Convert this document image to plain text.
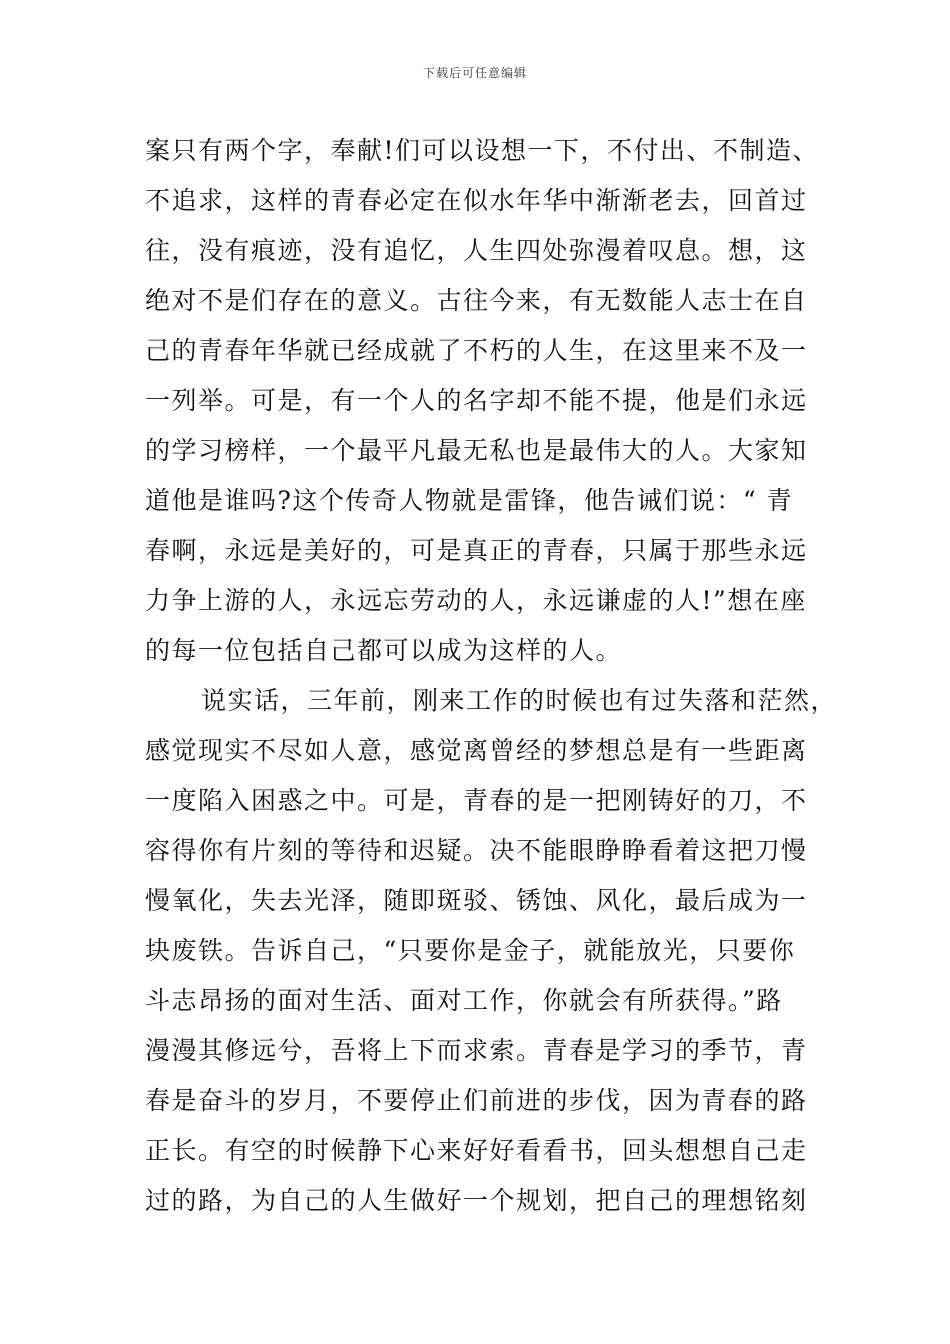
下载后可任意编辑
案只有两个字，奉献!们可以设想一下，不付出、不制造、
不追求，这样的青春必定在似水年华中渐渐老去，回首过
往，没有痕迹，没有追忆，人生四处弥漫着叹息。想，这
绝对不是们存在的意义。古往今来，有无数能人志士在自
己的青春年华就已经成就了不朽的人生，在这里来不及一
一列举。可是，有一个人的名字却不能不提，他是们永远
的学习榜样，一个最平凡最无私也是最伟大的人。大家知
道他是谁吗?这个传奇人物就是雷锋，他告诫们说：“ 青
春啊，永远是美好的，可是真正的青春，只属于那些永远
力争上游的人，永远忘劳动的人，永远谦虚的人!”想在座
的每一位包括自己都可以成为这样的人。
说实话，三年前，刚来工作的时候也有过失落和茫然，
感觉现实不尽如人意，感觉离曾经的梦想总是有一些距离
一度陷入困惑之中。可是，青春的是一把刚铸好的刀，不
容得你有片刻的等待和迟疑。决不能眼睁睁看着这把刀慢
慢氧化，失去光泽，随即斑驳、锈蚀、风化，最后成为一
块废铁。告诉自己，“只要你是金子，就能放光，只要你
斗志昂扬的面对生活、面对工作，你就会有所获得。”路
漫漫其修远兮，吾将上下而求索。青春是学习的季节，青
春是奋斗的岁月，不要停止们前进的步伐，因为青春的路
正长。有空的时候静下心来好好看看书，回头想想自己走
过的路，为自己的人生做好一个规划，把自己的理想铭刻
